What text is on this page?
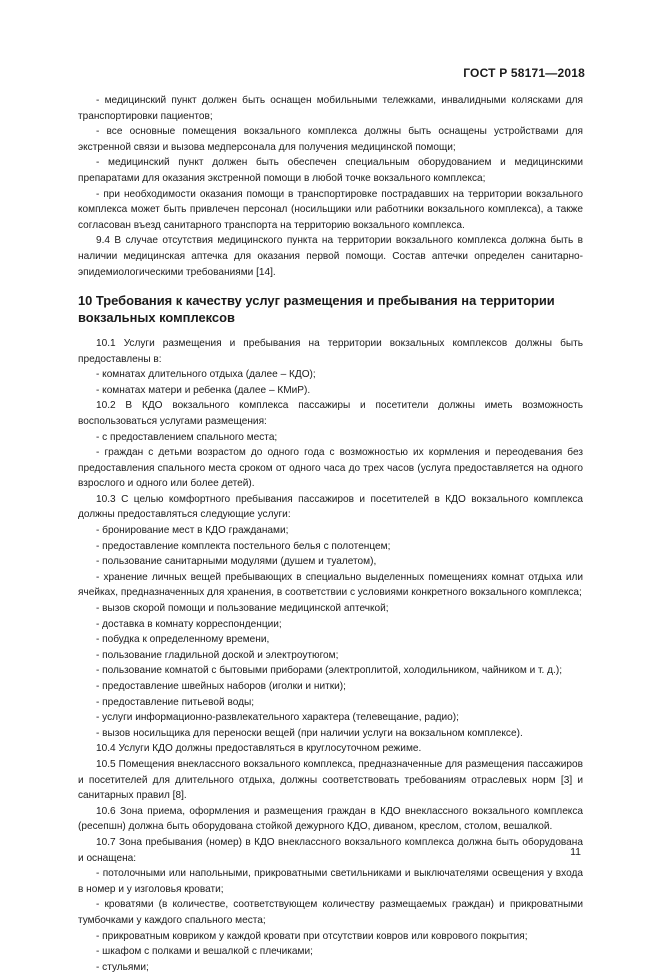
ГОСТ Р 58171—2018

- медицинский пункт должен быть оснащен мобильными тележками, инвалидными колясками для транспортировки пациентов;

- все основные помещения вокзального комплекса должны быть оснащены устройствами для экстренной связи и вызова медперсонала для получения медицинской помощи;

- медицинский пункт должен быть обеспечен специальным оборудованием и медицинскими препаратами для оказания экстренной помощи в любой точке вокзального комплекса;

- при необходимости оказания помощи в транспортировке пострадавших на территории вокзального комплекса может быть привлечен персонал (носильщики или работники вокзального комплекса), а также согласован въезд санитарного транспорта на территорию вокзального комплекса.

9.4 В случае отсутствия медицинского пункта на территории вокзального комплекса должна быть в наличии медицинская аптечка для оказания первой помощи. Состав аптечки определен санитарно-эпидемиологическими требованиями [14].

10 Требования к качеству услуг размещения и пребывания на территории вокзальных комплексов

10.1 Услуги размещения и пребывания на территории вокзальных комплексов должны быть предоставлены в:

- комнатах длительного отдыха (далее – КДО);

- комнатах матери и ребенка (далее – КМиР).

10.2 В КДО вокзального комплекса пассажиры и посетители должны иметь возможность воспользоваться услугами размещения:

- с предоставлением спального места;

- граждан с детьми возрастом до одного года с возможностью их кормления и переодевания без предоставления спального места сроком от одного часа до трех часов (услуга предоставляется на одного взрослого и одного или более детей).

10.3 С целью комфортного пребывания пассажиров и посетителей в КДО вокзального комплекса должны предоставляться следующие услуги:

- бронирование мест в КДО гражданами;

- предоставление комплекта постельного белья с полотенцем;

- пользование санитарными модулями (душем и туалетом),

- хранение личных вещей пребывающих в специально выделенных помещениях комнат отдыха или ячейках, предназначенных для хранения, в соответствии с условиями конкретного вокзального комплекса;

- вызов скорой помощи и пользование медицинской аптечкой;

- доставка в комнату корреспонденции;

- побудка к определенному времени,

- пользование гладильной доской и электроутюгом;

- пользование комнатой с бытовыми приборами (электроплитой, холодильником, чайником и т. д.);

- предоставление швейных наборов (иголки и нитки);

- предоставление питьевой воды;

- услуги информационно-развлекательного характера (телевещание, радио);

- вызов носильщика для переноски вещей (при наличии услуги на вокзальном комплексе).

10.4 Услуги КДО должны предоставляться в круглосуточном режиме.

10.5 Помещения внеклассного вокзального комплекса, предназначенные для размещения пассажиров и посетителей для длительного отдыха, должны соответствовать требованиям отраслевых норм [3] и санитарных правил [8].

10.6 Зона приема, оформления и размещения граждан в КДО внеклассного вокзального комплекса (ресепшн) должна быть оборудована стойкой дежурного КДО, диваном, креслом, столом, вешалкой.

10.7 Зона пребывания (номер) в КДО внеклассного вокзального комплекса должна быть оборудована и оснащена:

- потолочными или напольными, прикроватными светильниками и выключателями освещения у входа в номер и у изголовья кровати;

- кроватями (в количестве, соответствующем количеству размещаемых граждан) и прикроватными тумбочками у каждого спального места;

- прикроватным ковриком у каждой кровати при отсутствии ковров или коврового покрытия;

- шкафом с полками и вешалкой с плечиками;

- стульями;

11
